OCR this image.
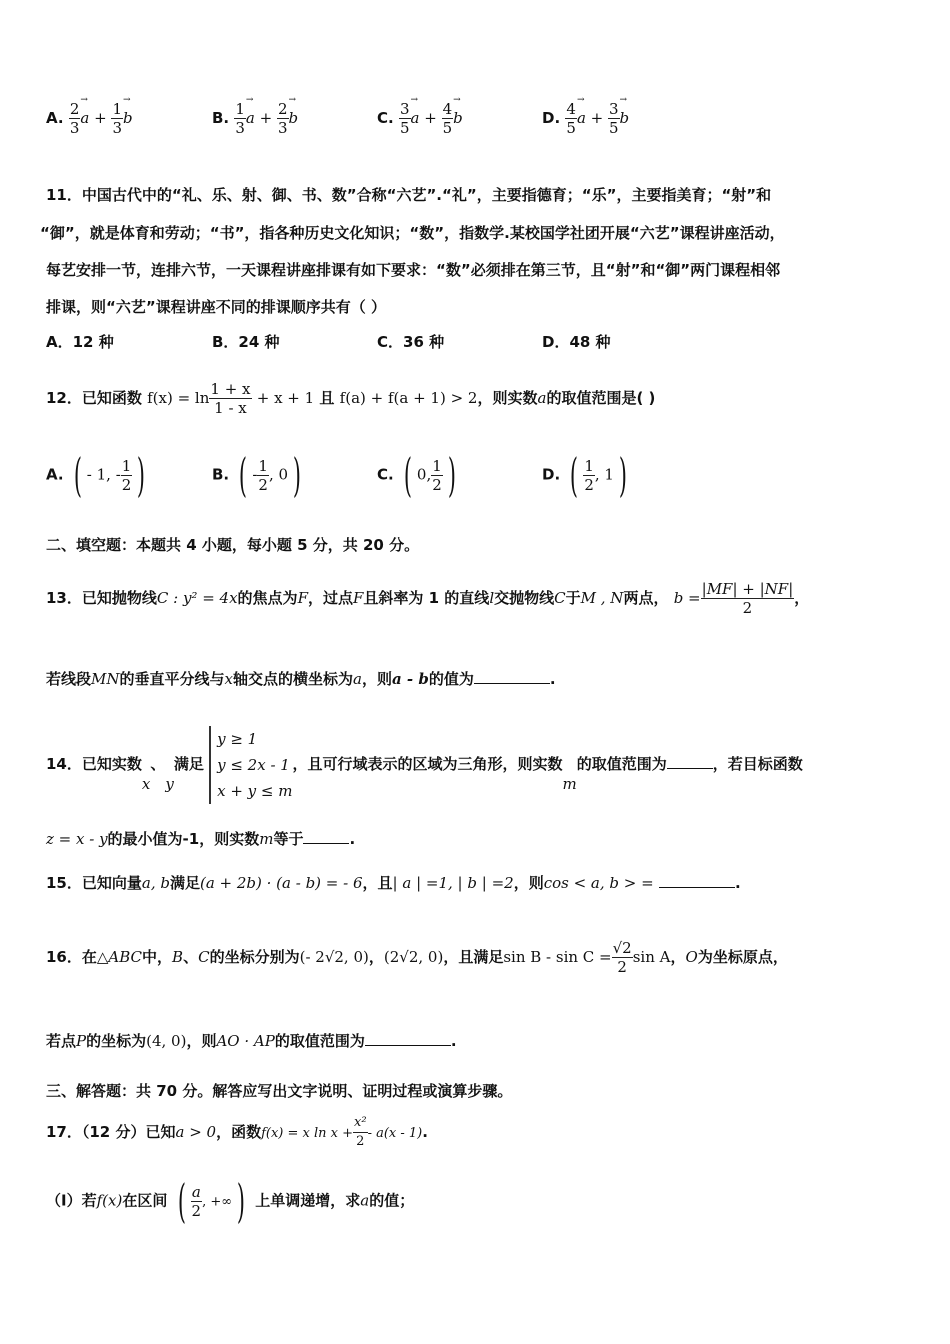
A. $\frac{2}{3}$
→ $a + \frac{1}{3}$
→ b	B. $\frac{1}{3}$
→ $a + \frac{2}{3}$
→ b	C. $\frac{3}{5}$
→ $a + \frac{4}{5}$
→ b	D. $\frac{4}{5}$
→ $a + \frac{3}{5}$
→ b
11．中国古代中的“礼、乐、射、御、书、数”合称“六艺”.“礼”，主要指德育；“乐”，主要指美育；“射”和
“御”，就是体育和劳动；“书”，指各种历史文化知识；“数”，指数学.某校国学社团开展“六艺”课程讲座活动，
每艺安排一节，连排六节，一天课程讲座排课有如下要求：“数”必须排在第三节，且“射”和“御”两门课程相邻
排课，则“六艺”课程讲座不同的排课顺序共有（ ）
A．12 种	B．24 种	C．36 种	D．48 种
12．已知函数 $f(x) = \ln \frac{1 + x}{1 - x} + x + 1$ 且 f(a) + f(a + 1) > 2，则实数a的取值范围是( )
A. ( - 1, - $\frac{1}{2}$ )	B. ( - $\frac{1}{2}$ , 0 )	C. ( 0, $\frac{1}{2}$ )	D. ( $\frac{1}{2}$ , 1 )
二、填空题：本题共 4 小题，每小题 5 分，共 20 分。
13．已知抛物线C : y² = 4x的焦点为F，过点F且斜率为 1 的直线l交抛物线C于M , N两点， $b = \frac{|MF| + |NF|}{2}$ ，
若线段MN的垂直平分线与x轴交点的横坐标为a，则a - b的值为	.
14．已知实数x、y满足
y ≥ 1
y ≤ 2x - 1
x + y ≤ m
，且可行域表示的区域为三角形，则实数m的取值范围为	，若目标函数
z = x - y的最小值为-1，则实数m等于	.
15．已知向量a, b满足(a + 2b) · (a - b) = - 6，且| a | =1, | b | =2，则cos < a, b > =	.
16．在△ABC中，B、C的坐标分别为(- 2√2, 0)，(2√2, 0)，且满足$\sin B - \sin C = \frac{√2}{2}$ sin A，O为坐标原点，
若点P的坐标为(4, 0)，则AO · AP的取值范围为	.
三、解答题：共 70 分。解答应写出文字说明、证明过程或演算步骤。
17．（12 分）已知a > 0，函数f(x) = x $\ln x + \frac{\text{x²}}{2} - a(x - 1)$.
（I）若f(x)在区间 ( $\frac{a}{2}$ , +∞ ) 上单调递增，求a的值；
